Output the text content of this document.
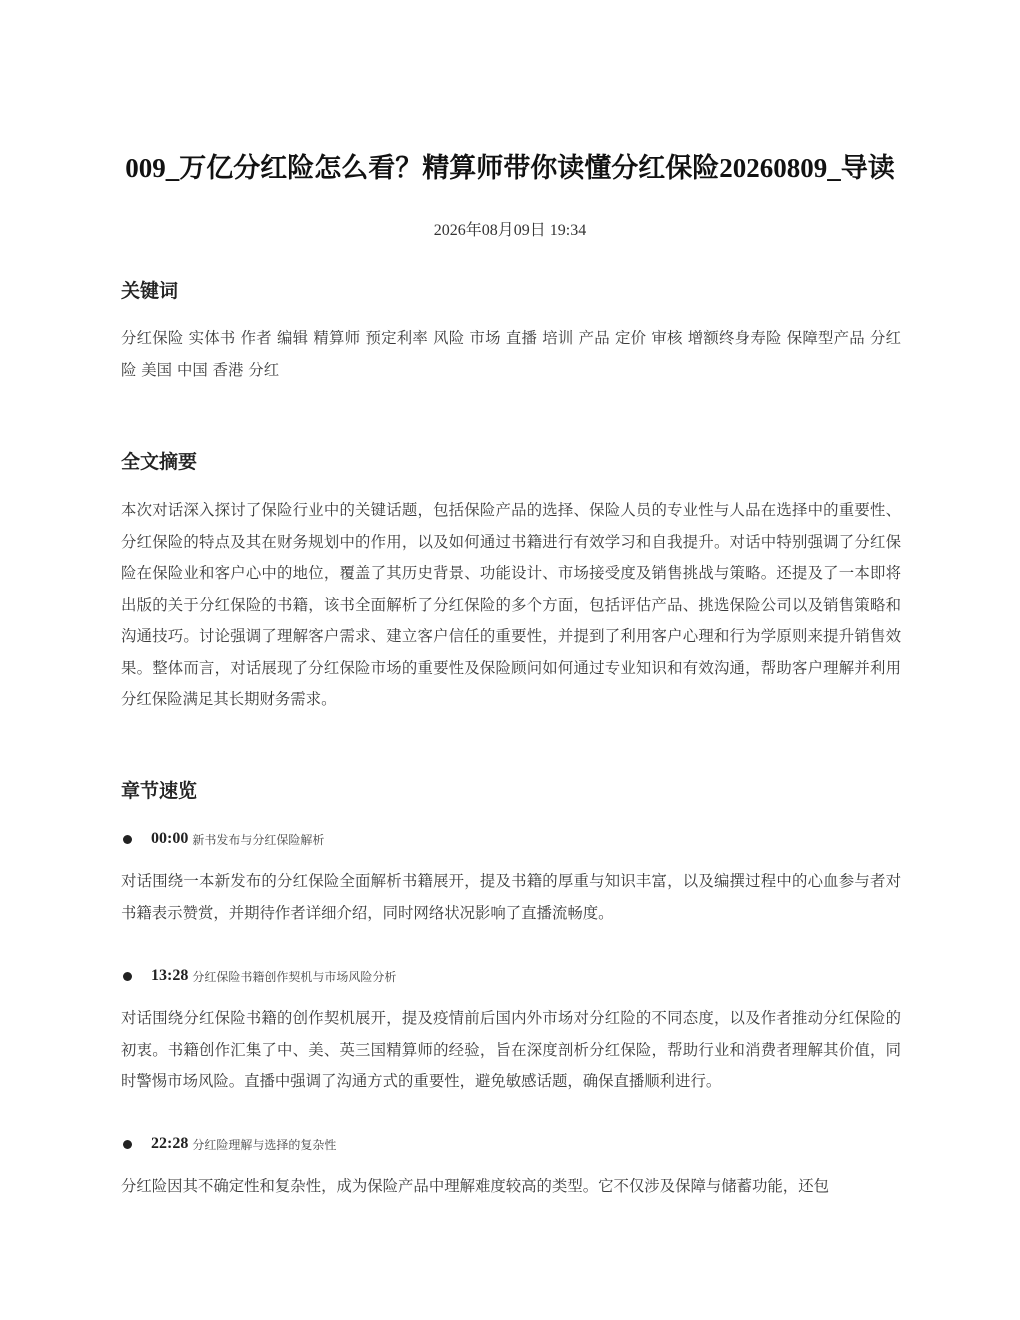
009_万亿分红险怎么看？精算师带你读懂分红保险20260809_导读
2026年08月09日 19:34
关键词

分红保险 实体书 作者 编辑 精算师 预定利率 风险 市场 直播 培训 产品 定价 审核 增额终身寿险 保障型产品 分红险 美国 中国 香港 分红

全文摘要

本次对话深入探讨了保险行业中的关键话题，包括保险产品的选择、保险人员的专业性与人品在选择中的重要性、分红保险的特点及其在财务规划中的作用，以及如何通过书籍进行有效学习和自我提升。对话中特别强调了分红保险在保险业和客户心中的地位，覆盖了其历史背景、功能设计、市场接受度及销售挑战与策略。还提及了一本即将出版的关于分红保险的书籍，该书全面解析了分红保险的多个方面，包括评估产品、挑选保险公司以及销售策略和沟通技巧。讨论强调了理解客户需求、建立客户信任的重要性，并提到了利用客户心理和行为学原则来提升销售效果。整体而言，对话展现了分红保险市场的重要性及保险顾问如何通过专业知识和有效沟通，帮助客户理解并利用分红保险满足其长期财务需求。

章节速览
00:00 新书发布与分红保险解析

对话围绕一本新发布的分红保险全面解析书籍展开，提及书籍的厚重与知识丰富，以及编撰过程中的心血参与者对书籍表示赞赏，并期待作者详细介绍，同时网络状况影响了直播流畅度。

13:28 分红保险书籍创作契机与市场风险分析

对话围绕分红保险书籍的创作契机展开，提及疫情前后国内外市场对分红险的不同态度，以及作者推动分红保险的初衷。书籍创作汇集了中、美、英三国精算师的经验，旨在深度剖析分红保险，帮助行业和消费者理解其价值，同时警惕市场风险。直播中强调了沟通方式的重要性，避免敏感话题，确保直播顺利进行。

22:28 分红险理解与选择的复杂性

分红险因其不确定性和复杂性，成为保险产品中理解难度较高的类型。它不仅涉及保障与储蓄功能，还包
